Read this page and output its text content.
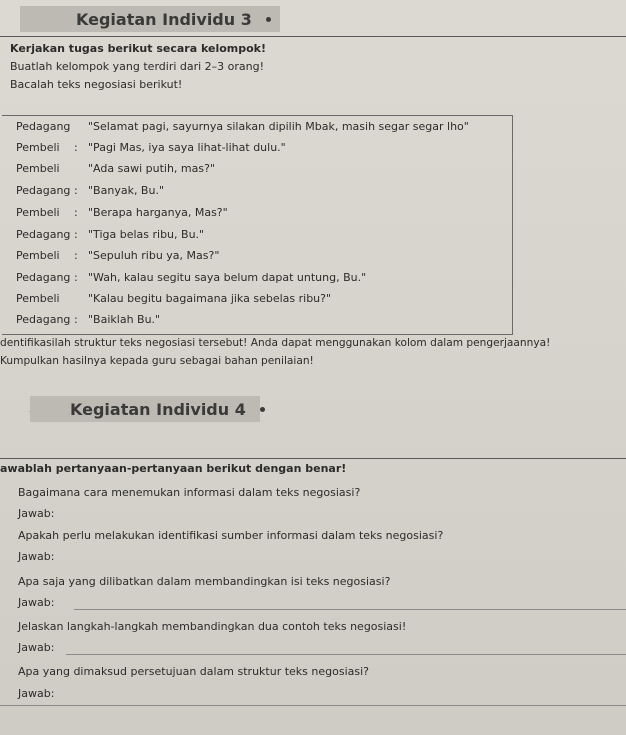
Kegiatan Individu 3
Kerjakan tugas berikut secara kelompok!
Buatlah kelompok yang terdiri dari 2–3 orang!
Bacalah teks negosiasi berikut!
Pedagang "Selamat pagi, sayurnya silakan dipilih Mbak, masih segar segar lho"
Pembeli : "Pagi Mas, iya saya lihat-lihat dulu."
Pembeli	"Ada sawi putih, mas?"
Pedagang : "Banyak, Bu."
Pembeli : "Berapa harganya, Mas?"
Pedagang : "Tiga belas ribu, Bu."
Pembeli : "Sepuluh ribu ya, Mas?"
Pedagang : "Wah, kalau segitu saya belum dapat untung, Bu."
Pembeli	"Kalau begitu bagaimana jika sebelas ribu?"
Pedagang : "Baiklah Bu."
dentifikasilah struktur teks negosiasi tersebut! Anda dapat menggunakan kolom dalam pengerjaannya!
Kumpulkan hasilnya kepada guru sebagai bahan penilaian!
Kegiatan Individu 4
awablah pertanyaan-pertanyaan berikut dengan benar!
Bagaimana cara menemukan informasi dalam teks negosiasi?
Jawab:
Apakah perlu melakukan identifikasi sumber informasi dalam teks negosiasi?
Jawab:
Apa saja yang dilibatkan dalam membandingkan isi teks negosiasi?
Jawab:
Jelaskan langkah-langkah membandingkan dua contoh teks negosiasi!
Jawab:
Apa yang dimaksud persetujuan dalam struktur teks negosiasi?
Jawab:
